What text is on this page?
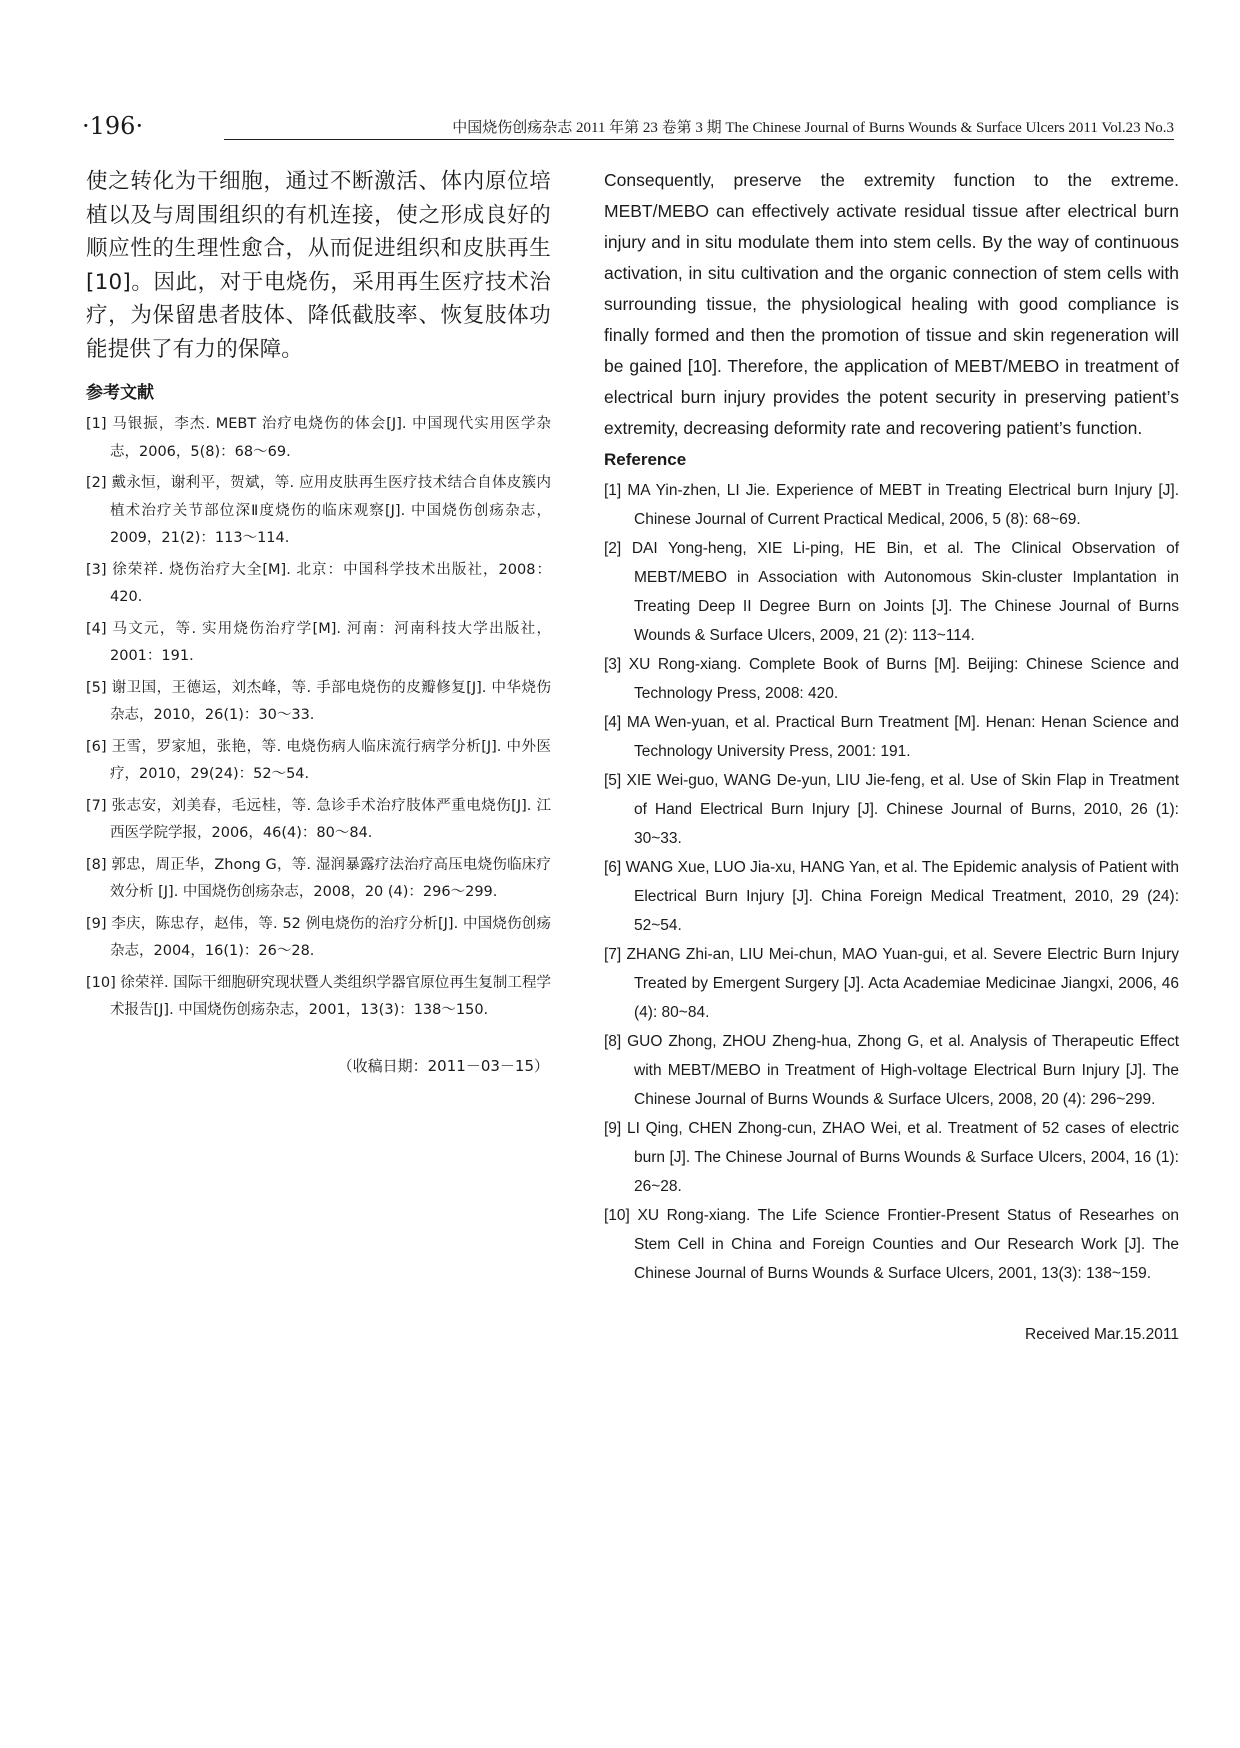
·196·	中国烧伤创疡杂志 2011 年第 23 卷第 3 期 The Chinese Journal of Burns Wounds & Surface Ulcers 2011 Vol.23 No.3

使之转化为干细胞，通过不断激活、体内原位培植以及与周围组织的有机连接，使之形成良好的顺应性的生理性愈合，从而促进组织和皮肤再生[10]。因此，对于电烧伤，采用再生医疗技术治疗，为保留患者肢体、降低截肢率、恢复肢体功能提供了有力的保障。

参考文献
[1] 马银振，李杰. MEBT 治疗电烧伤的体会[J]. 中国现代实用医学杂志，2006，5(8)：68～69.
[2] 戴永恒，谢利平，贺斌，等. 应用皮肤再生医疗技术结合自体皮簇内植术治疗关节部位深Ⅱ度烧伤的临床观察[J]. 中国烧伤创疡杂志，2009，21(2)：113～114.
[3] 徐荣祥. 烧伤治疗大全[M]. 北京：中国科学技术出版社，2008：420.
[4] 马文元，等. 实用烧伤治疗学[M]. 河南：河南科技大学出版社，2001：191.
[5] 谢卫国，王德运，刘杰峰，等. 手部电烧伤的皮瓣修复[J]. 中华烧伤杂志，2010，26(1)：30～33.
[6] 王雪，罗家旭，张艳，等. 电烧伤病人临床流行病学分析[J]. 中外医疗，2010，29(24)：52～54.
[7] 张志安，刘美春，毛远桂，等. 急诊手术治疗肢体严重电烧伤[J]. 江西医学院学报，2006，46(4)：80～84.
[8] 郭忠，周正华，Zhong G，等. 湿润暴露疗法治疗高压电烧伤临床疗效分析 [J]. 中国烧伤创疡杂志，2008，20 (4)：296～299.
[9] 李庆，陈忠存，赵伟，等. 52 例电烧伤的治疗分析[J]. 中国烧伤创疡杂志，2004，16(1)：26～28.
[10] 徐荣祥. 国际干细胞研究现状暨人类组织学器官原位再生复制工程学术报告[J]. 中国烧伤创疡杂志，2001，13(3)：138～150.
（收稿日期：2011－03－15）

Consequently, preserve the extremity function to the extreme. MEBT/MEBO can effectively activate residual tissue after electrical burn injury and in situ modulate them into stem cells. By the way of continuous activation, in situ cultivation and the organic connection of stem cells with surrounding tissue, the physiological healing with good compliance is finally formed and then the promotion of tissue and skin regeneration will be gained [10]. Therefore, the application of MEBT/MEBO in treatment of electrical burn injury provides the potent security in preserving patient’s extremity, decreasing deformity rate and recovering patient’s function.

Reference
[1] MA Yin-zhen, LI Jie. Experience of MEBT in Treating Electrical burn Injury [J]. Chinese Journal of Current Practical Medical, 2006, 5 (8): 68~69.
[2] DAI Yong-heng, XIE Li-ping, HE Bin, et al. The Clinical Observation of MEBT/MEBO in Association with Autonomous Skin-cluster Implantation in Treating Deep II Degree Burn on Joints [J]. The Chinese Journal of Burns Wounds & Surface Ulcers, 2009, 21 (2): 113~114.
[3] XU Rong-xiang. Complete Book of Burns [M]. Beijing: Chinese Science and Technology Press, 2008: 420.
[4] MA Wen-yuan, et al. Practical Burn Treatment [M]. Henan: Henan Science and Technology University Press, 2001: 191.
[5] XIE Wei-guo, WANG De-yun, LIU Jie-feng, et al. Use of Skin Flap in Treatment of Hand Electrical Burn Injury [J]. Chinese Journal of Burns, 2010, 26 (1): 30~33.
[6] WANG Xue, LUO Jia-xu, HANG Yan, et al. The Epidemic analysis of Patient with Electrical Burn Injury [J]. China Foreign Medical Treatment, 2010, 29 (24): 52~54.
[7] ZHANG Zhi-an, LIU Mei-chun, MAO Yuan-gui, et al. Severe Electric Burn Injury Treated by Emergent Surgery [J]. Acta Academiae Medicinae Jiangxi, 2006, 46 (4): 80~84.
[8] GUO Zhong, ZHOU Zheng-hua, Zhong G, et al. Analysis of Therapeutic Effect with MEBT/MEBO in Treatment of High-voltage Electrical Burn Injury [J]. The Chinese Journal of Burns Wounds & Surface Ulcers, 2008, 20 (4): 296~299.
[9] LI Qing, CHEN Zhong-cun, ZHAO Wei, et al. Treatment of 52 cases of electric burn [J]. The Chinese Journal of Burns Wounds & Surface Ulcers, 2004, 16 (1): 26~28.
[10] XU Rong-xiang. The Life Science Frontier-Present Status of Researhes on Stem Cell in China and Foreign Counties and Our Research Work [J]. The Chinese Journal of Burns Wounds & Surface Ulcers, 2001, 13(3): 138~159.
Received Mar.15.2011
